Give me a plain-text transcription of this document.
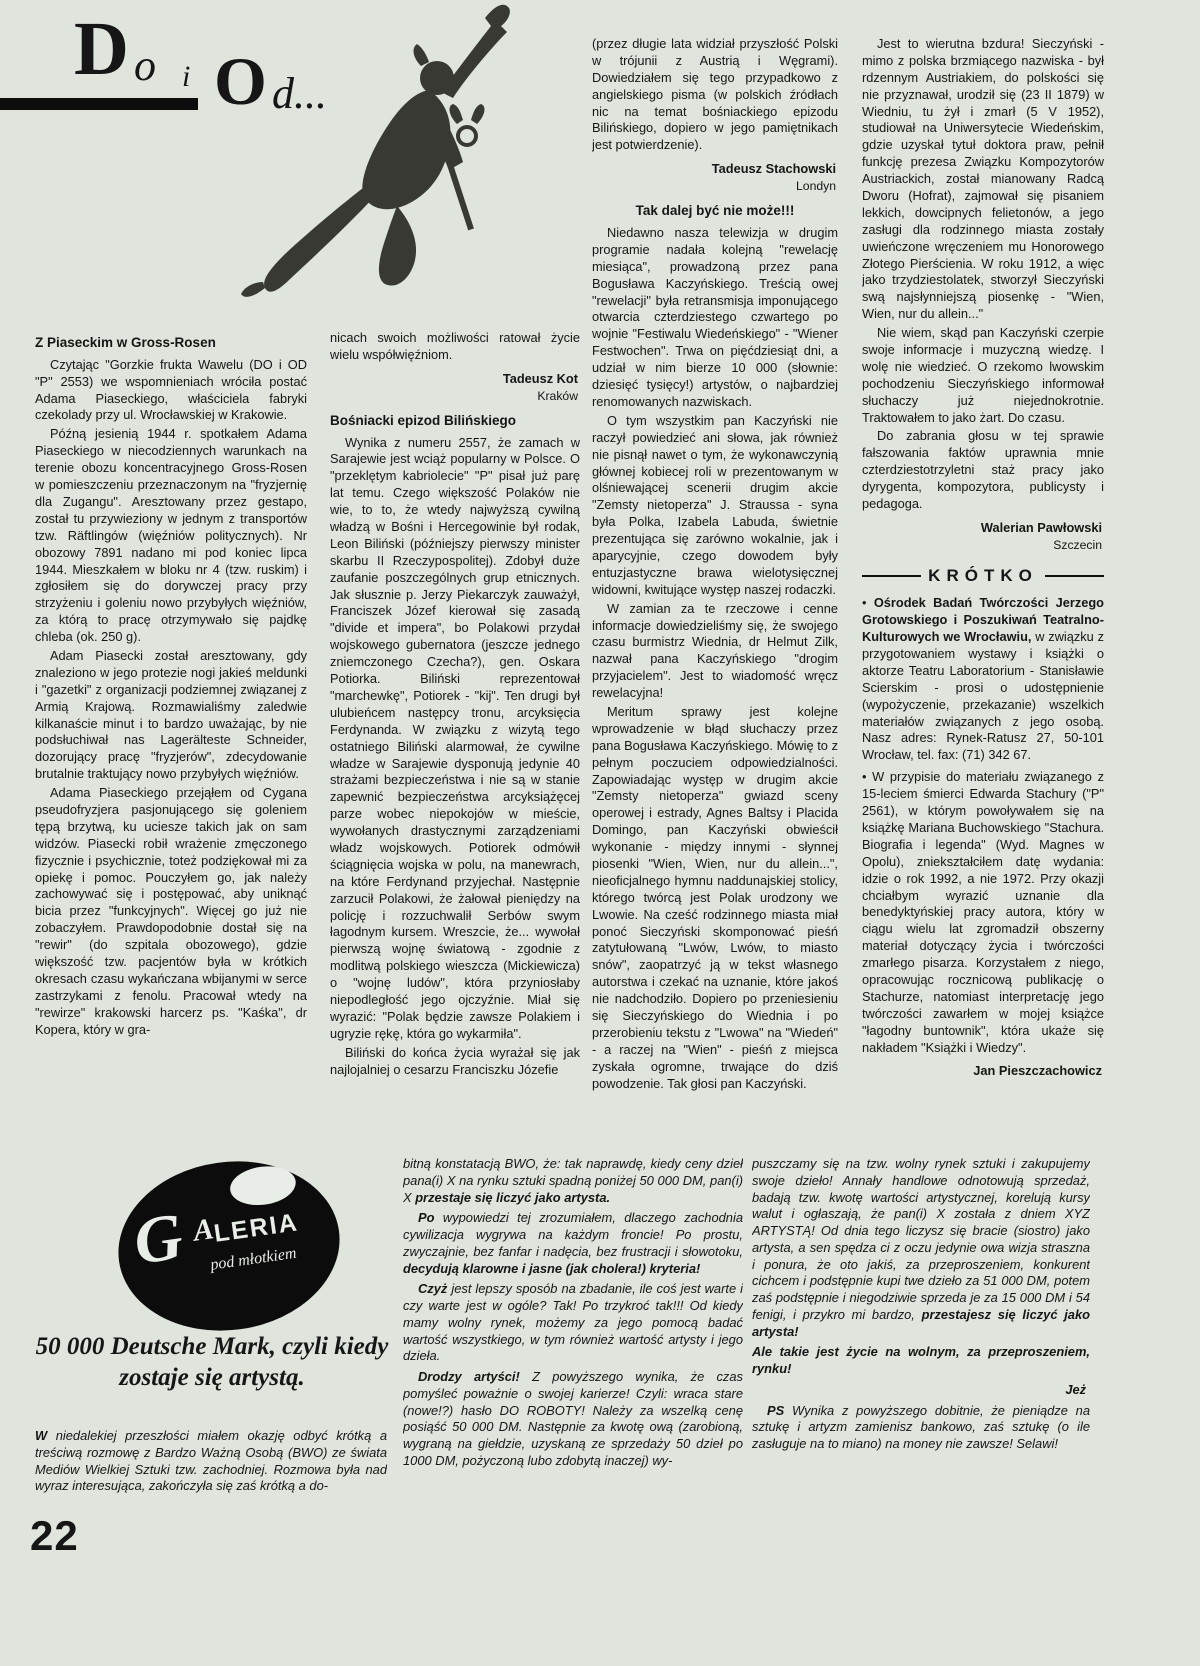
D o i O d...
Z Piaseckim w Gross-Rosen

Czytając "Gorzkie frukta Wawelu (DO i OD "P" 2553) we wspomnieniach wróciła postać Adama Piaseckiego, właściciela fabryki czekolady przy ul. Wrocławskiej w Krakowie.

Późną jesienią 1944 r. spotkałem Adama Piaseckiego w niecodziennych warunkach na terenie obozu koncentracyjnego Gross-Rosen w pomieszczeniu przeznaczonym na "fryzjernię dla Zugangu". Aresztowany przez gestapo, został tu przywieziony w jednym z transportów tzw. Räftlingów (więźniów politycznych). Nr obozowy 7891 nadano mi pod koniec lipca 1944. Mieszkałem w bloku nr 4 (tzw. ruskim) i zgłosiłem się do dorywczej pracy przy strzyżeniu i goleniu nowo przybyłych więźniów, za którą to pracę otrzymywało się pajdkę chleba (ok. 250 g).

Adam Piasecki został aresztowany, gdy znaleziono w jego protezie nogi jakieś meldunki i "gazetki" z organizacji podziemnej związanej z Armią Krajową. Rozmawialiśmy zaledwie kilkanaście minut i to bardzo uważając, by nie podsłuchiwał nas Lagerälteste Schneider, dozorujący pracę "fryzjerów", zdecydowanie brutalnie traktujący nowo przybyłych więźniów.

Adama Piaseckiego przejąłem od Cygana pseudofryzjera pasjonującego się goleniem tępą brzytwą, ku uciesze takich jak on sam widzów. Piasecki robił wrażenie zmęczonego fizycznie i psychicznie, toteż podziękował mi za opiekę i pomoc. Pouczyłem go, jak należy zachowywać się i postępować, aby uniknąć bicia przez "funkcyjnych". Więcej go już nie zobaczyłem. Prawdopodobnie dostał się na "rewir" (do szpitala obozowego), gdzie większość tzw. pacjentów była w krótkich okresach czasu wykańczana wbijanymi w serce zastrzykami z fenolu. Pracował wtedy na "rewirze" krakowski harcerz ps. "Kaśka", dr Kopera, który w gra-

nicach swoich możliwości ratował życie wielu współwięźniom.

Tadeusz Kot
Kraków
Bośniacki epizod Bilińskiego

Wynika z numeru 2557, że zamach w Sarajewie jest wciąż popularny w Polsce. O "przeklętym kabriolecie" "P" pisał już parę lat temu. Czego większość Polaków nie wie, to to, że wtedy najwyższą cywilną władzą w Bośni i Hercegowinie był rodak, Leon Biliński (późniejszy pierwszy minister skarbu II Rzeczypospolitej). Zdobył duże zaufanie poszczególnych grup etnicznych. Jak słusznie p. Jerzy Piekarczyk zauważył, Franciszek Józef kierował się zasadą "divide et impera", bo Polakowi przydał wojskowego gubernatora (jeszcze jednego zniemczonego Czecha?), gen. Oskara Potiorka. Biliński reprezentował "marchewkę", Potiorek - "kij". Ten drugi był ulubieńcem następcy tronu, arcyksięcia Ferdynanda. W związku z wizytą tego ostatniego Biliński alarmował, że cywilne władze w Sarajewie dysponują jedynie 40 strażami bezpieczeństwa i nie są w stanie zapewnić bezpieczeństwa arcyksiążęcej parze wobec niepokojów w mieście, wywołanych drastycznymi zarządzeniami władz wojskowych. Potiorek odmówił ściągnięcia wojska w polu, na manewrach, na które Ferdynand przyjechał. Następnie zarzucił Polakowi, że żałował pieniędzy na policję i rozzuchwalił Serbów swym łagodnym kursem. Wreszcie, że... wywołał pierwszą wojnę światową - zgodnie z modlitwą polskiego wieszcza (Mickiewicza) o "wojnę ludów", która przyniosłaby niepodległość jego ojczyźnie. Miał się wyrazić: "Polak będzie zawsze Polakiem i ugryzie rękę, która go wykarmiła".

Biliński do końca życia wyrażał się jak najlojalniej o cesarzu Franciszku Józefie

(przez długie lata widział przyszłość Polski w trójunii z Austrią i Węgrami). Dowiedziałem się tego przypadkowo z angielskiego pisma (w polskich źródłach nic na temat bośniackiego epizodu Bilińskiego, dopiero w jego pamiętnikach jest potwierdzenie).

Tadeusz Stachowski
Londyn
Tak dalej być nie może!!!

Niedawno nasza telewizja w drugim programie nadała kolejną "rewelację miesiąca", prowadzoną przez pana Bogusława Kaczyńskiego. Treścią owej "rewelacji" była retransmisja imponującego otwarcia czterdziestego czwartego po wojnie "Festiwalu Wiedeńskiego" - "Wiener Festwochen". Trwa on pięćdziesiąt dni, a udział w nim bierze 10 000 (słownie: dziesięć tysięcy!) artystów, o najbardziej renomowanych nazwiskach.

O tym wszystkim pan Kaczyński nie raczył powiedzieć ani słowa, jak również nie pisnął nawet o tym, że wykonawczynią głównej kobiecej roli w prezentowanym w olśniewającej scenerii drugim akcie "Zemsty nietoperza" J. Straussa - syna była Polka, Izabela Labuda, świetnie prezentująca się zarówno wokalnie, jak i aparycyjnie, czego dowodem były entuzjastyczne brawa wielotysięcznej widowni, kwitujące występ naszej rodaczki.

W zamian za te rzeczowe i cenne informacje dowiedzieliśmy się, że swojego czasu burmistrz Wiednia, dr Helmut Zilk, nazwał pana Kaczyńskiego "drogim przyjacielem". Jest to wiadomość wręcz rewelacyjna!

Meritum sprawy jest kolejne wprowadzenie w błąd słuchaczy przez pana Bogusława Kaczyńskiego. Mówię to z pełnym poczuciem odpowiedzialności. Zapowiadając występ w drugim akcie "Zemsty nietoperza" gwiazd sceny operowej i estrady, Agnes Baltsy i Placida Domingo, pan Kaczyński obwieścił wykonanie - między innymi - słynnej piosenki "Wien, Wien, nur du allein...", nieoficjalnego hymnu naddunajskiej stolicy, którego twórcą jest Polak urodzony we Lwowie. Na cześć rodzinnego miasta miał ponoć Sieczyński skomponować pieśń zatytułowaną "Lwów, Lwów, to miasto snów", zaopatrzyć ją w tekst własnego autorstwa i czekać na uznanie, które jakoś nie nadchodziło. Dopiero po przeniesieniu się Sieczyńskiego do Wiednia i po przerobieniu tekstu z "Lwowa" na "Wiedeń" - a raczej na "Wien" - pieśń z miejsca zyskała ogromne, trwające do dziś powodzenie. Tak głosi pan Kaczyński.

Jest to wierutna bzdura! Sieczyński - mimo z polska brzmiącego nazwiska - był rdzennym Austriakiem, do polskości się nie przyznawał, urodził się (23 II 1879) w Wiedniu, tu żył i zmarł (5 V 1952), studiował na Uniwersytecie Wiedeńskim, gdzie uzyskał tytuł doktora praw, pełnił funkcję prezesa Związku Kompozytorów Austriackich, został mianowany Radcą Dworu (Hofrat), zajmował się pisaniem lekkich, dowcipnych felietonów, a jego zasługi dla rodzinnego miasta zostały uwieńczone wręczeniem mu Honorowego Złotego Pierścienia. W roku 1912, a więc jako trzydziestolatek, stworzył Sieczyński swą najsłynniejszą piosenkę - "Wien, Wien, nur du allein..."

Nie wiem, skąd pan Kaczyński czerpie swoje informacje i muzyczną wiedzę. I wolę nie wiedzieć. O rzekomo lwowskim pochodzeniu Sieczyńskiego informował słuchaczy już niejednokrotnie. Traktowałem to jako żart. Do czasu.

Do zabrania głosu w tej sprawie fałszowania faktów uprawnia mnie czterdziestotrzyletni staż pracy jako dyrygenta, kompozytora, publicysty i pedagoga.

Walerian Pawłowski
Szczecin
KRÓTKO

• Ośrodek Badań Twórczości Jerzego Grotowskiego i Poszukiwań Teatralno-Kulturowych we Wrocławiu, w związku z przygotowaniem wystawy i książki o aktorze Teatru Laboratorium - Stanisławie Scierskim - prosi o udostępnienie (wypożyczenie, przekazanie) wszelkich materiałów związanych z jego osobą. Nasz adres: Rynek-Ratusz 27, 50-101 Wrocław, tel. fax: (71) 342 67.

• W przypisie do materiału związanego z 15-leciem śmierci Edwarda Stachury ("P" 2561), w którym powoływałem się na książkę Mariana Buchowskiego "Stachura. Biografia i legenda" (Wyd. Magnes w Opolu), zniekształciłem datę wydania: idzie o rok 1992, a nie 1972. Przy okazji chciałbym wyrazić uznanie dla benedyktyńskiej pracy autora, który w ciągu wielu lat zgromadził obszerny materiał dotyczący życia i twórczości zmarłego pisarza. Korzystałem z niego, opracowując rocznicową publikację o Stachurze, natomiast interpretację jego twórczości zawarłem w mojej książce "łagodny buntownik", która ukaże się nakładem "Książki i Wiedzy".

Jan Pieszczachowicz
G A
LERIA
pod młotkiem
50 000 Deutsche Mark, czyli kiedy zostaje się artystą.

W niedalekiej przeszłości miałem okazję odbyć krótką a treściwą rozmowę z Bardzo Ważną Osobą (BWO) ze świata Mediów Wielkiej Sztuki tzw. zachodniej. Rozmowa była nad wyraz interesująca, zakończyła się zaś krótką a do-

bitną konstatacją BWO, że: tak naprawdę, kiedy ceny dzieł pana(i) X na rynku sztuki spadną poniżej 50 000 DM, pan(i) X przestaje się liczyć jako artysta.

Po wypowiedzi tej zrozumiałem, dlaczego zachodnia cywilizacja wygrywa na każdym froncie! Po prostu, zwyczajnie, bez fanfar i nadęcia, bez frustracji i słowotoku, decydują klarowne i jasne (jak cholera!) kryteria!

Czyż jest lepszy sposób na zbadanie, ile coś jest warte i czy warte jest w ogóle? Tak! Po trzykroć tak!!! Od kiedy mamy wolny rynek, możemy za jego pomocą badać wartość wszystkiego, w tym również wartość artysty i jego dzieła.

Drodzy artyści! Z powyższego wynika, że czas pomyśleć poważnie o swojej karierze! Czyli: wraca stare (nowe!?) hasło DO ROBOTY! Należy za wszelką cenę posiąść 50 000 DM. Następnie za kwotę ową (zarobioną, wygraną na giełdzie, uzyskaną ze sprzedaży 50 dzieł po 1000 DM, pożyczoną lubo zdobytą inaczej) wy-

puszczamy się na tzw. wolny rynek sztuki i zakupujemy swoje dzieło! Annały handlowe odnotowują sprzedaż, badają tzw. kwotę wartości artystycznej, korelują kursy walut i ogłaszają, że pan(i) X została z dniem XYZ ARTYSTĄ! Od dnia tego liczysz się bracie (siostro) jako artysta, a sen spędza ci z oczu jedynie owa wizja straszna i ponura, że oto jakiś, za przeproszeniem, konkurent cichcem i podstępnie kupi twe dzieło za 51 000 DM, potem zaś podstępnie i niegodziwie sprzeda je za 15 000 DM i 54 fenigi, i przykro mi bardzo, przestajesz się liczyć jako artysta!

Ale takie jest życie na wolnym, za przeproszeniem, rynku!

Jeż

PS Wynika z powyższego dobitnie, że pieniądze na sztukę i artyzm zamienisz bankowo, zaś sztukę (o ile zasługuje na to miano) na money nie zawsze! Selawi!

22
